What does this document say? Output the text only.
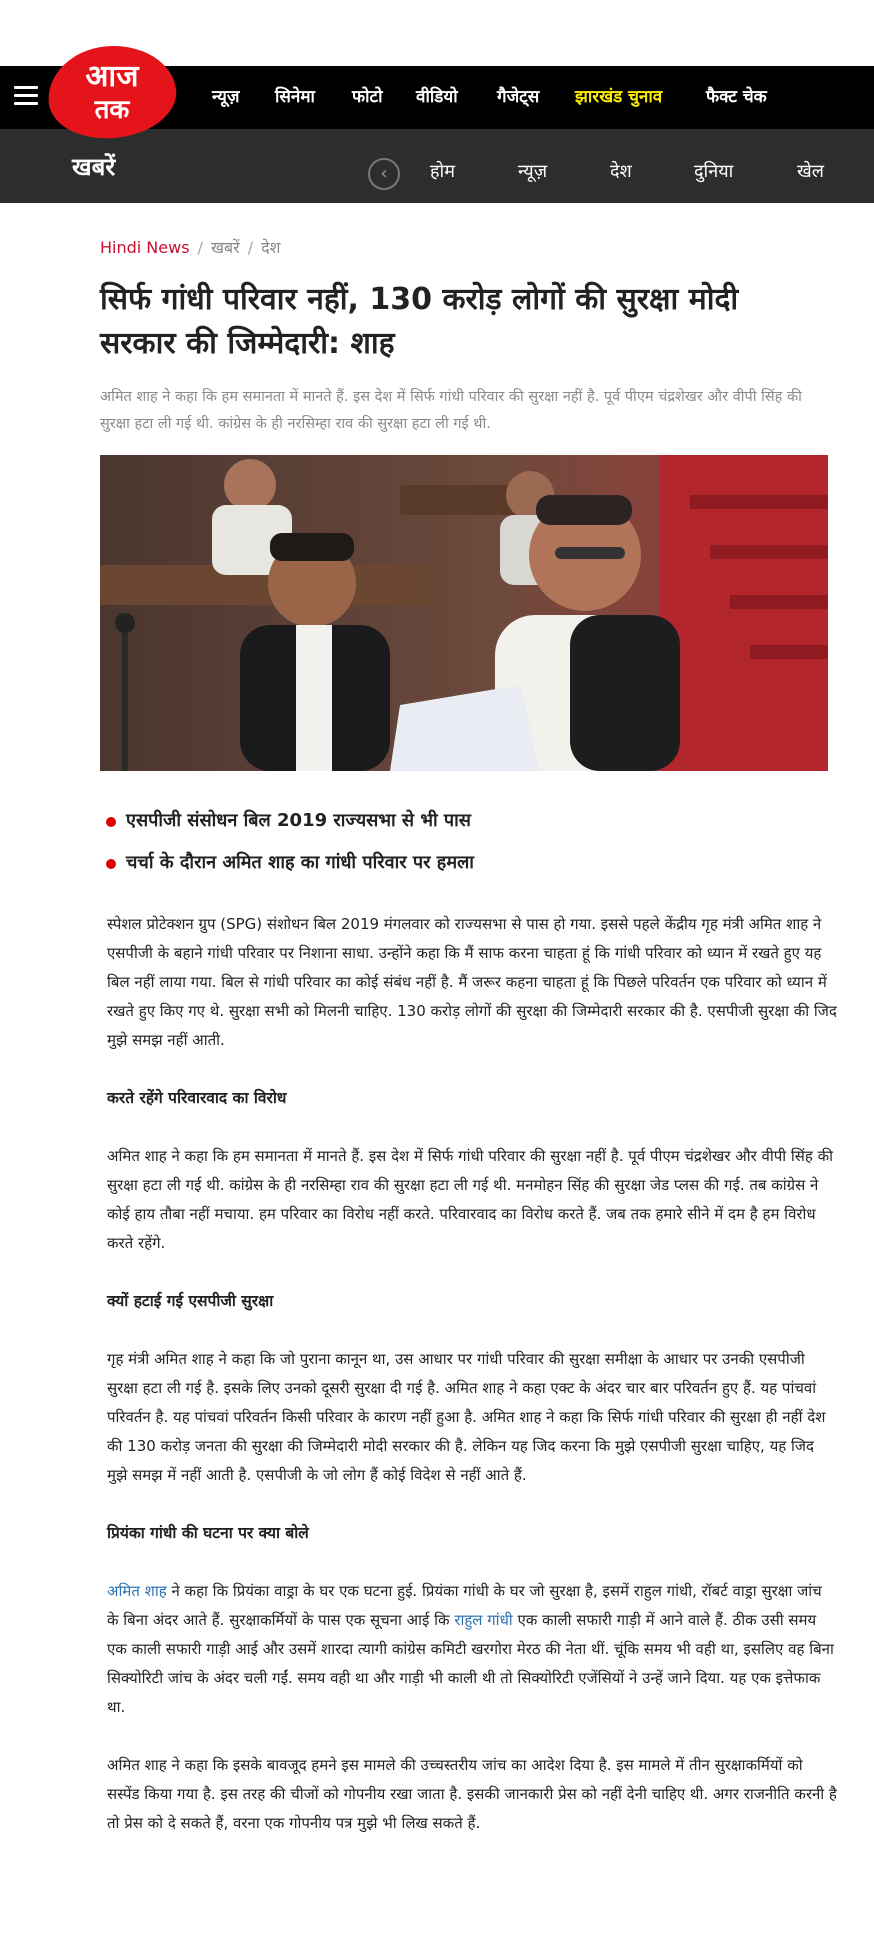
आज
तक	न्यूज़ सिनेमा फोटो वीडियो गैजेट्स झारखंड चुनाव	फैक्ट चेक
खबरें	‹	होम	न्यूज़	देश	दुनिया	खेल
Hindi News / खबरें / देश
सिर्फ गांधी परिवार नहीं, 130 करोड़ लोगों की सुरक्षा मोदी सरकार की जिम्मेदारी: शाह
अमित शाह ने कहा कि हम समानता में मानते हैं. इस देश में सिर्फ गांधी परिवार की सुरक्षा नहीं है. पूर्व पीएम चंद्रशेखर और वीपी सिंह की सुरक्षा हटा ली गई थी. कांग्रेस के ही नरसिम्हा राव की सुरक्षा हटा ली गई थी.
एसपीजी संसोधन बिल 2019 राज्यसभा से भी पास
चर्चा के दौरान अमित शाह का गांधी परिवार पर हमला

स्पेशल प्रोटेक्शन ग्रुप (SPG) संशोधन बिल 2019 मंगलवार को राज्यसभा से पास हो गया. इससे पहले केंद्रीय गृह मंत्री अमित शाह ने एसपीजी के बहाने गांधी परिवार पर निशाना साधा. उन्होंने कहा कि मैं साफ करना चाहता हूं कि गांधी परिवार को ध्यान में रखते हुए यह बिल नहीं लाया गया. बिल से गांधी परिवार का कोई संबंध नहीं है. मैं जरूर कहना चाहता हूं कि पिछले परिवर्तन एक परिवार को ध्यान में रखते हुए किए गए थे. सुरक्षा सभी को मिलनी चाहिए. 130 करोड़ लोगों की सुरक्षा की जिम्मेदारी सरकार की है. एसपीजी सुरक्षा की जिद मुझे समझ नहीं आती.

करते रहेंगे परिवारवाद का विरोध

अमित शाह ने कहा कि हम समानता में मानते हैं. इस देश में सिर्फ गांधी परिवार की सुरक्षा नहीं है. पूर्व पीएम चंद्रशेखर और वीपी सिंह की सुरक्षा हटा ली गई थी. कांग्रेस के ही नरसिम्हा राव की सुरक्षा हटा ली गई थी. मनमोहन सिंह की सुरक्षा जेड प्लस की गई. तब कांग्रेस ने कोई हाय तौबा नहीं मचाया. हम परिवार का विरोध नहीं करते. परिवारवाद का विरोध करते हैं. जब तक हमारे सीने में दम है हम विरोध करते रहेंगे.

क्यों हटाई गई एसपीजी सुरक्षा

गृह मंत्री अमित शाह ने कहा कि जो पुराना कानून था, उस आधार पर गांधी परिवार की सुरक्षा समीक्षा के आधार पर उनकी एसपीजी सुरक्षा हटा ली गई है. इसके लिए उनको दूसरी सुरक्षा दी गई है. अमित शाह ने कहा एक्ट के अंदर चार बार परिवर्तन हुए हैं. यह पांचवां परिवर्तन है. यह पांचवां परिवर्तन किसी परिवार के कारण नहीं हुआ है. अमित शाह ने कहा कि सिर्फ गांधी परिवार की सुरक्षा ही नहीं देश की 130 करोड़ जनता की सुरक्षा की जिम्मेदारी मोदी सरकार की है. लेकिन यह जिद करना कि मुझे एसपीजी सुरक्षा चाहिए, यह जिद मुझे समझ में नहीं आती है. एसपीजी के जो लोग हैं कोई विदेश से नहीं आते हैं.

प्रियंका गांधी की घटना पर क्या बोले

अमित शाह ने कहा कि प्रियंका वाड्रा के घर एक घटना हुई. प्रियंका गांधी के घर जो सुरक्षा है, इसमें राहुल गांधी, रॉबर्ट वाड्रा सुरक्षा जांच के बिना अंदर आते हैं. सुरक्षाकर्मियों के पास एक सूचना आई कि राहुल गांधी एक काली सफारी गाड़ी में आने वाले हैं. ठीक उसी समय एक काली सफारी गाड़ी आई और उसमें शारदा त्यागी कांग्रेस कमिटी खरगोरा मेरठ की नेता थीं. चूंकि समय भी वही था, इसलिए वह बिना सिक्योरिटी जांच के अंदर चली गईं. समय वही था और गाड़ी भी काली थी तो सिक्योरिटी एजेंसियों ने उन्हें जाने दिया. यह एक इत्तेफाक था.

अमित शाह ने कहा कि इसके बावजूद हमने इस मामले की उच्चस्तरीय जांच का आदेश दिया है. इस मामले में तीन सुरक्षाकर्मियों को सस्पेंड किया गया है. इस तरह की चीजों को गोपनीय रखा जाता है. इसकी जानकारी प्रेस को नहीं देनी चाहिए थी. अगर राजनीति करनी है तो प्रेस को दे सकते हैं, वरना एक गोपनीय पत्र मुझे भी लिख सकते हैं.
